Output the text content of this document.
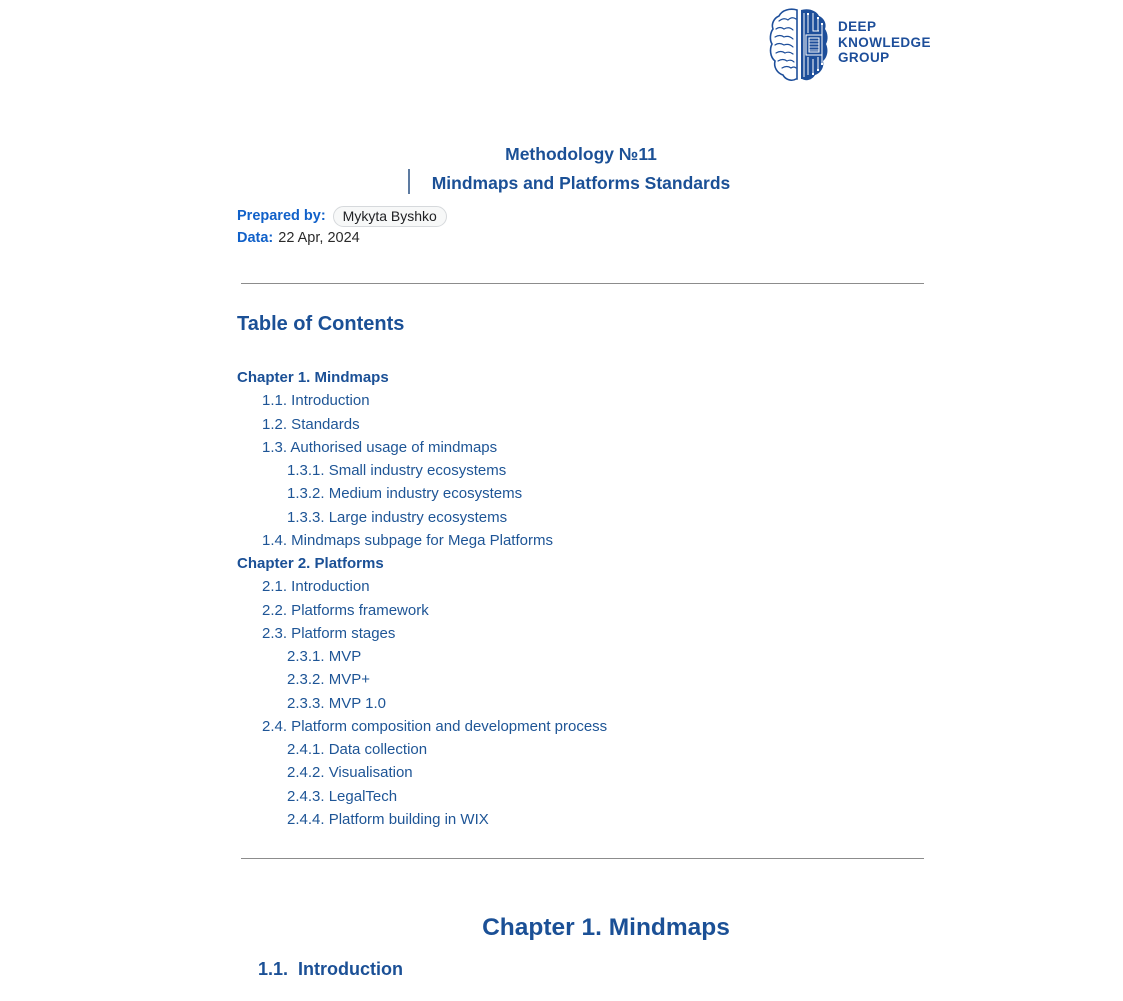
DEEP
KNOWLEDGE
GROUP
Methodology №11
Mindmaps and Platforms Standards
Prepared by:	Mykyta Byshko
Data: 22 Apr, 2024
Table of Contents
Chapter 1. Mindmaps
1.1. Introduction
1.2. Standards
1.3. Authorised usage of mindmaps
1.3.1. Small industry ecosystems
1.3.2. Medium industry ecosystems
1.3.3. Large industry ecosystems
1.4. Mindmaps subpage for Mega Platforms
Chapter 2. Platforms
2.1. Introduction
2.2. Platforms framework
2.3. Platform stages
2.3.1. MVP
2.3.2. MVP+
2.3.3. MVP 1.0
2.4. Platform composition and development process
2.4.1. Data collection
2.4.2. Visualisation
2.4.3. LegalTech
2.4.4. Platform building in WIX
Chapter 1. Mindmaps
1.1.  Introduction
